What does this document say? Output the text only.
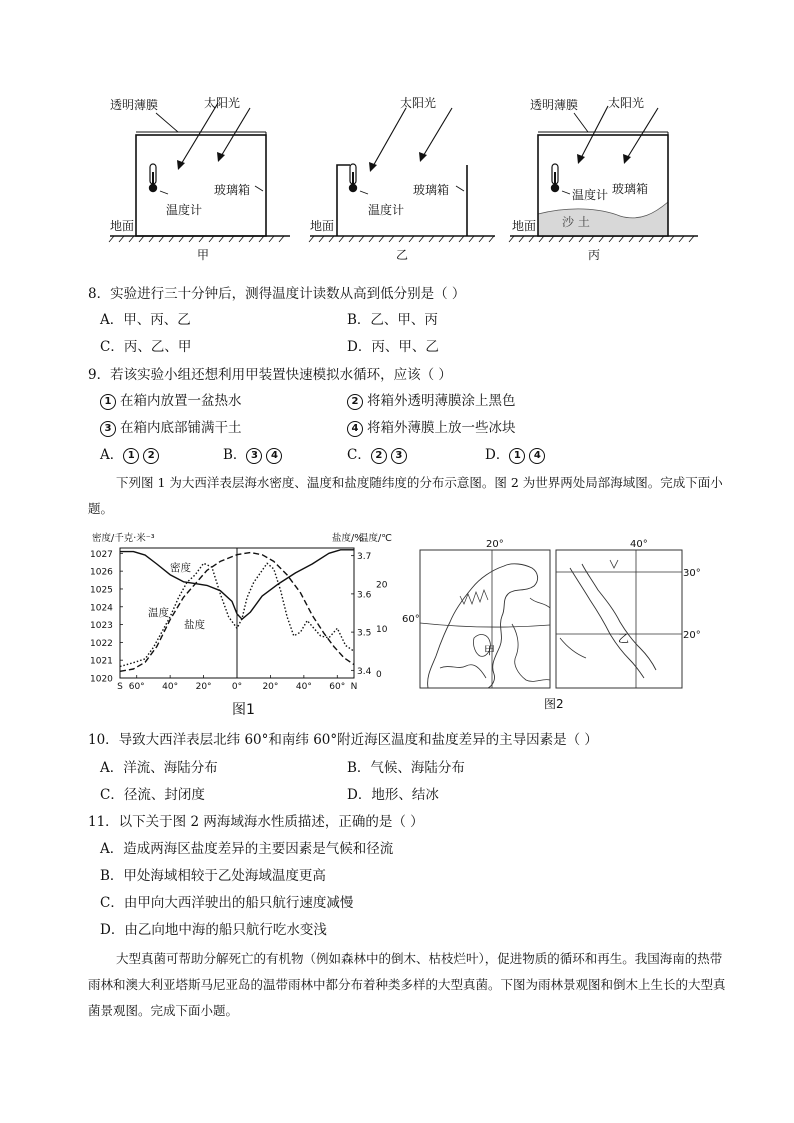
透明薄膜	太阳光
温度计
玻璃箱
地面
甲
太阳光
温度计
玻璃箱
地面
乙
透明薄膜 太阳光
温度计 玻璃箱
沙 土
地面
丙
8．实验进行三十分钟后，测得温度计读数从高到低分别是（ ）
A．甲、丙、乙	B．乙、甲、丙
C．丙、乙、甲	D．丙、甲、乙
9．若该实验小组还想利用甲装置快速模拟水循环，应该（ ）
1 在箱内放置一盆热水	2 将箱外透明薄膜涂上黑色
3 在箱内底部铺满干土	4 将箱外薄膜上放一些冰块
A． 1 2	B． 3 4	C． 2 3	D． 1 4
下列图 1 为大西洋表层海水密度、温度和盐度随纬度的分布示意图。图 2 为世界两处局部海域图。完成下面小题。
密度/千克·米⁻³	盐度/%
温度/℃
1020
1021
1022
1023
1024
1025
1026
1027
3.4
3.5
3.6
3.7
0
10
20
S 60° 40° 20° 0° 20° 40° 60° N
密度
温度
盐度
图1
20°
60°
甲
40°
30°
20°
乙
图2
10．导致大西洋表层北纬 60°和南纬 60°附近海区温度和盐度差异的主导因素是（ ）
A．洋流、海陆分布	B．气候、海陆分布
C．径流、封闭度	D．地形、结冰
11．以下关于图 2 两海域海水性质描述，正确的是（ ）
A．造成两海区盐度差异的主要因素是气候和径流
B．甲处海域相较于乙处海域温度更高
C．由甲向大西洋驶出的船只航行速度减慢
D．由乙向地中海的船只航行吃水变浅
大型真菌可帮助分解死亡的有机物（例如森林中的倒木、枯枝烂叶），促进物质的循环和再生。我国海南的热带雨林和澳大利亚塔斯马尼亚岛的温带雨林中都分布着种类多样的大型真菌。下图为雨林景观图和倒木上生长的大型真菌景观图。完成下面小题。
